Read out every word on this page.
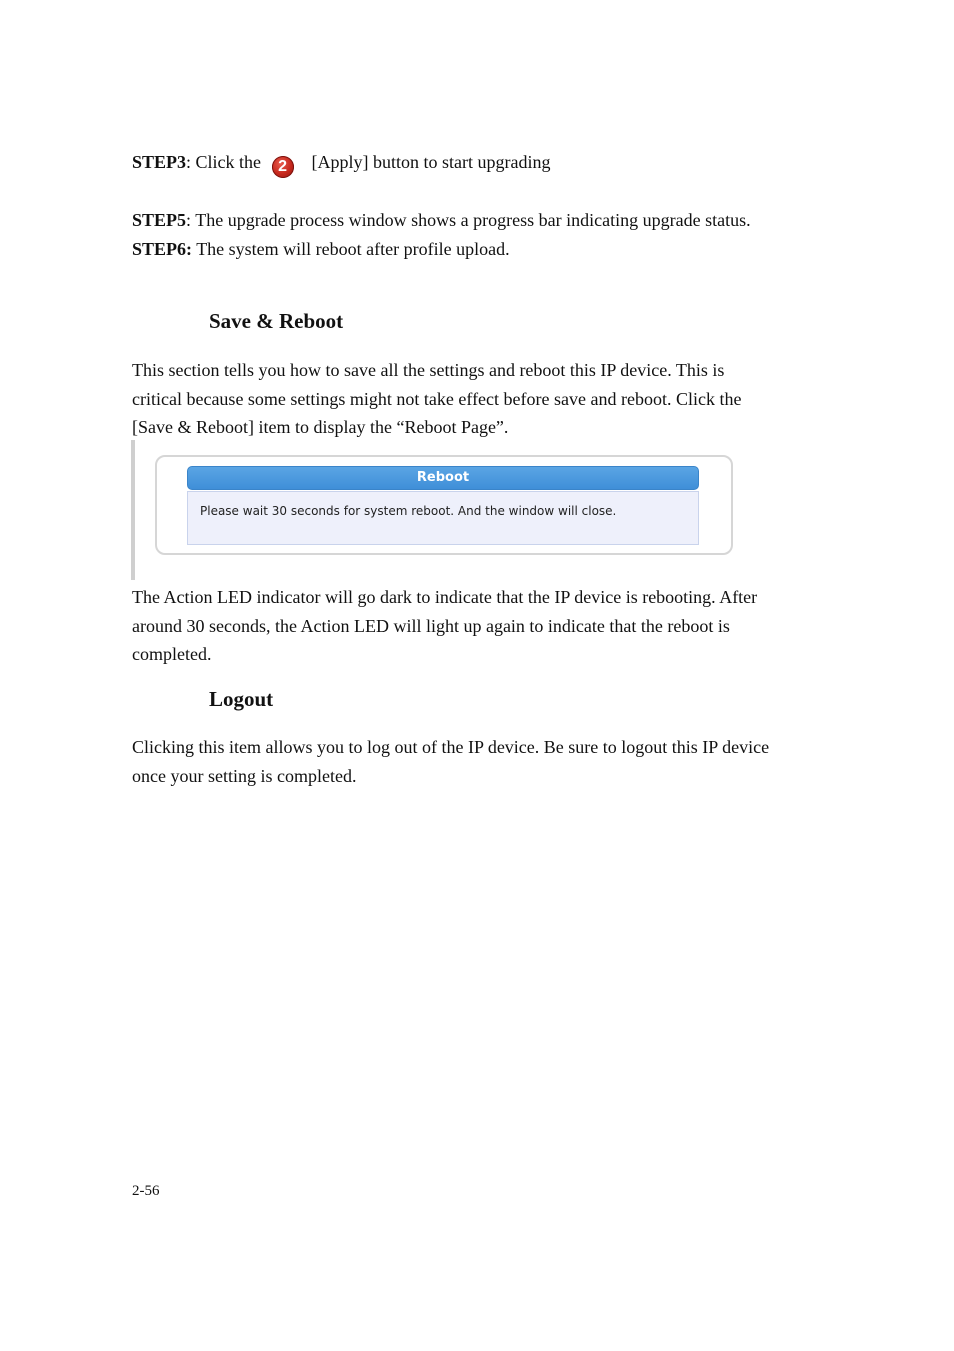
STEP3: Click the 2 [Apply] button to start upgrading
STEP5: The upgrade process window shows a progress bar indicating upgrade status.
STEP6: The system will reboot after profile upload.
Save & Reboot
This section tells you how to save all the settings and reboot this IP device. This is
critical because some settings might not take effect before save and reboot. Click the
[Save & Reboot] item to display the “Reboot Page”.
Reboot
Please wait 30 seconds for system reboot. And the window will close.
The Action LED indicator will go dark to indicate that the IP device is rebooting. After
around 30 seconds, the Action LED will light up again to indicate that the reboot is
completed.
Logout
Clicking this item allows you to log out of the IP device. Be sure to logout this IP device
once your setting is completed.
2-56
